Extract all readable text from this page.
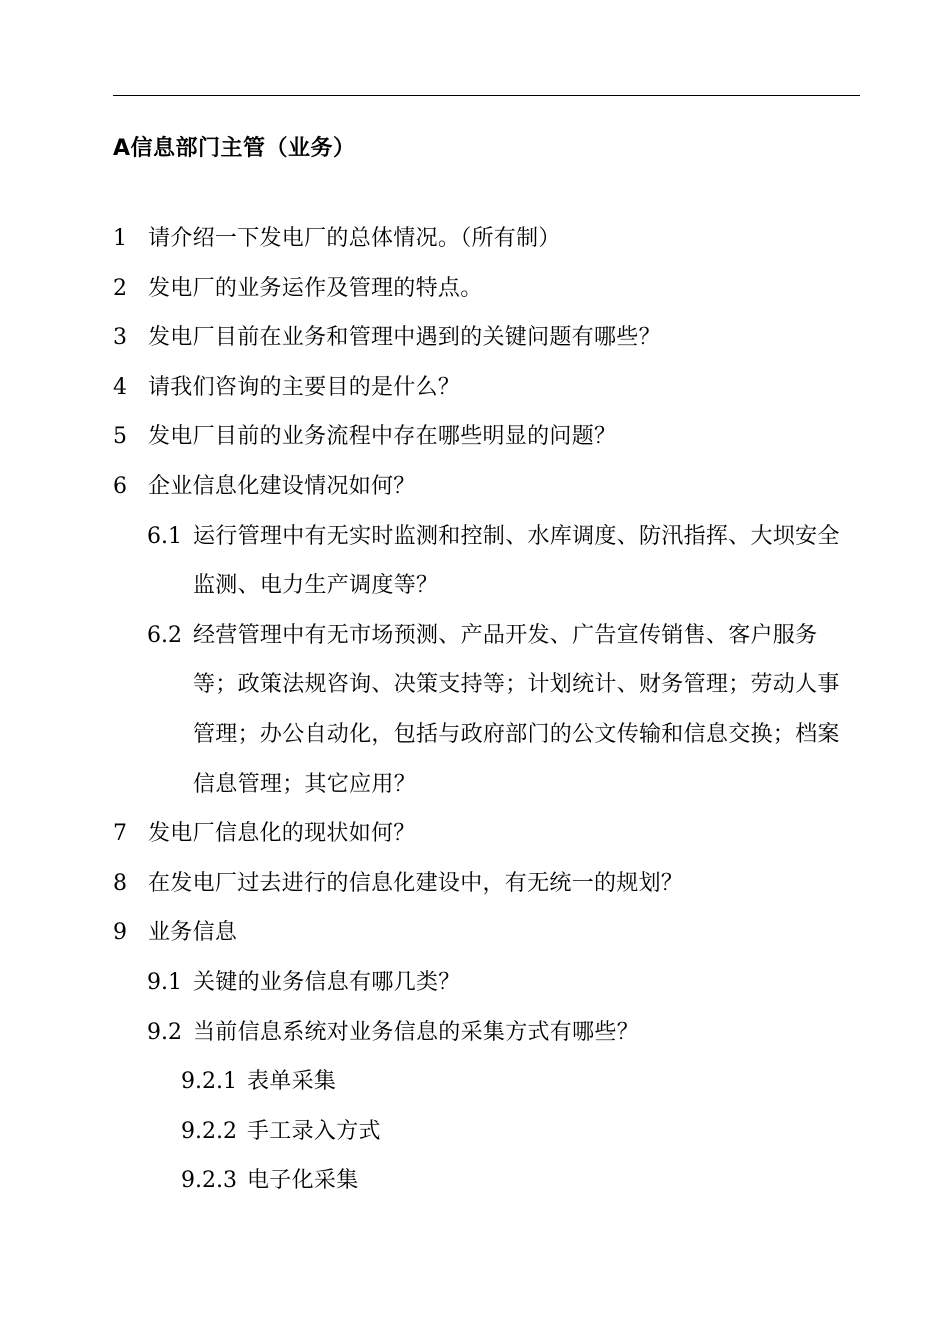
A信息部门主管（业务）
1 请介绍一下发电厂的总体情况。（所有制）
2 发电厂的业务运作及管理的特点。
3 发电厂目前在业务和管理中遇到的关键问题有哪些？
4 请我们咨询的主要目的是什么？
5 发电厂目前的业务流程中存在哪些明显的问题？
6 企业信息化建设情况如何？
6.1 运行管理中有无实时监测和控制、水库调度、防汛指挥、大坝安全监测、电力生产调度等？
6.2 经营管理中有无市场预测、产品开发、广告宣传销售、客户服务等；政策法规咨询、决策支持等；计划统计、财务管理；劳动人事管理；办公自动化，包括与政府部门的公文传输和信息交换；档案信息管理；其它应用？
7 发电厂信息化的现状如何？
8 在发电厂过去进行的信息化建设中，有无统一的规划？
9 业务信息
9.1 关键的业务信息有哪几类？
9.2 当前信息系统对业务信息的采集方式有哪些？
9.2.1 表单采集
9.2.2 手工录入方式
9.2.3 电子化采集
